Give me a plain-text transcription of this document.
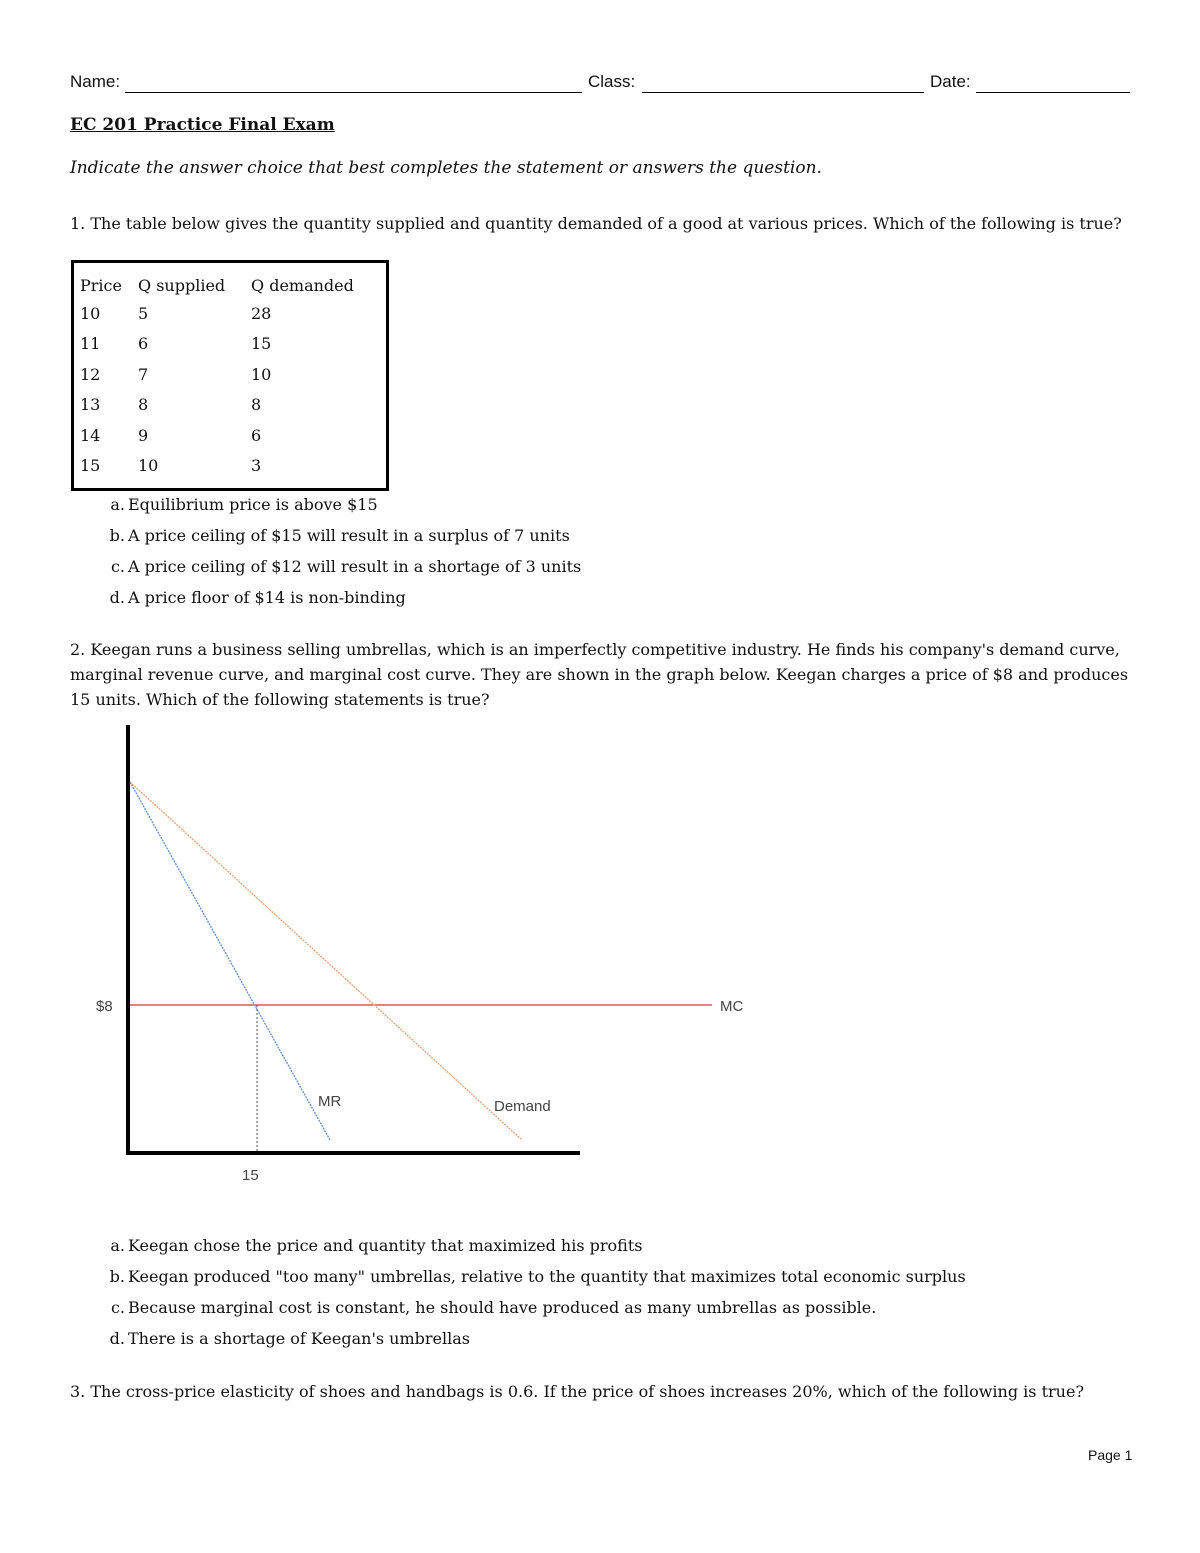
Name:	Class:	Date:
EC 201 Practice Final Exam
Indicate the answer choice that best completes the statement or answers the question.
1. The table below gives the quantity supplied and quantity demanded of a good at various prices. Which of the following is true?
Price	Q supplied	Q demanded
10	5	28
11	6	15
12	7	10
13	8	8
14	9	6
15	10	3
a. Equilibrium price is above $15
b. A price ceiling of $15 will result in a surplus of 7 units
c. A price ceiling of $12 will result in a shortage of 3 units
d. A price floor of $14 is non-binding
2. Keegan runs a business selling umbrellas, which is an imperfectly competitive industry. He finds his company's demand curve, marginal revenue curve, and marginal cost curve. They are shown in the graph below. Keegan charges a price of $8 and produces 15 units. Which of the following statements is true?
$8	MC
MR	Demand
15
a. Keegan chose the price and quantity that maximized his profits
b. Keegan produced "too many" umbrellas, relative to the quantity that maximizes total economic surplus
c. Because marginal cost is constant, he should have produced as many umbrellas as possible.
d. There is a shortage of Keegan's umbrellas
3. The cross-price elasticity of shoes and handbags is 0.6. If the price of shoes increases 20%, which of the following is true?
Page 1
